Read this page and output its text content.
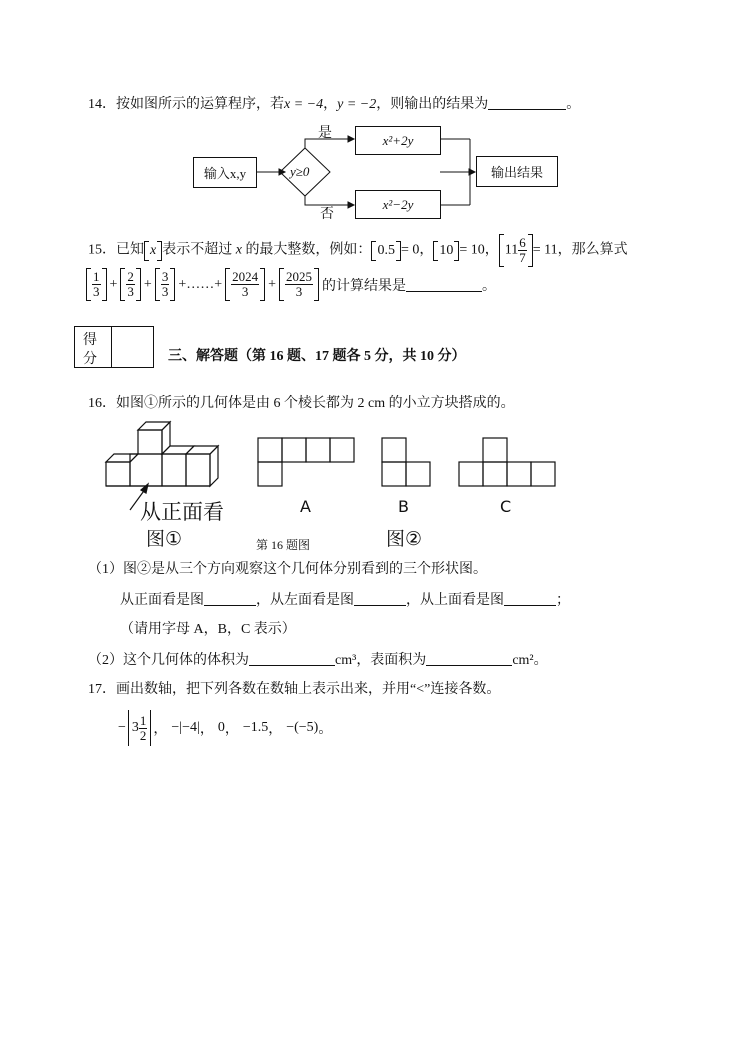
14．按如图所示的运算程序，若x = −4，y = −2，则输出的结果为	。
输入x,y	y≥0
是
否
x²+2y
x²−2y
输出结果
15．已知 x 表示不超过 x 的最大整数，例如： 0.5 = 0， 10 = 10， $11 \frac{6}{7} = 11$，那么算式
$\frac{1}{3} + \frac{2}{3} + \frac{3}{3}$ +……+ $\frac{2024}{3} + \frac{2025}{3}$ 的计算结果是	。
得
分	三、解答题（第 16 题、17 题各 5 分，共 10 分）
16．如图①所示的几何体是由 6 个棱长都为 2 cm 的小立方块搭成的。
从正面看
图①
A	B	C
第 16 题图	图②
（1）图②是从三个方向观察这个几何体分别看到的三个形状图。
从正面看是图	，从左面看是图	，从上面看是图	；
（请用字母 A，B，C 表示）
（2）这个几何体的体积为	cm³，表面积为	cm²。
17．画出数轴，把下列各数在数轴上表示出来，并用“<”连接各数。
− $3 \frac{1}{2}$ ， −|−4| ， 0 ， −1.5 ， −(−5) 。
